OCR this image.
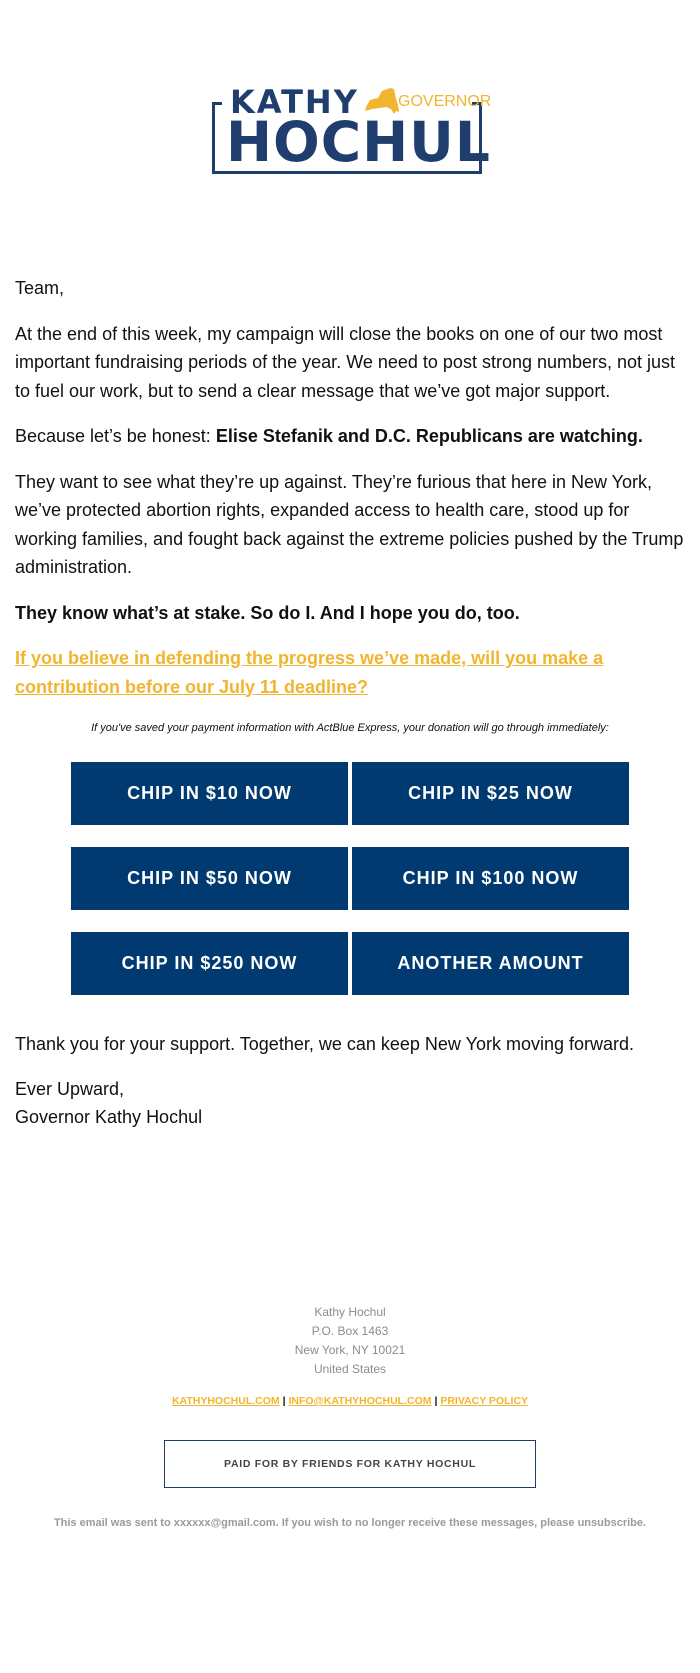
KATHY GOVERNOR
HOCHUL

Team,

At the end of this week, my campaign will close the books on one of our two most important fundraising periods of the year. We need to post strong numbers, not just to fuel our work, but to send a clear message that we’ve got major support.

Because let’s be honest: Elise Stefanik and D.C. Republicans are watching.

They want to see what they’re up against. They’re furious that here in New York, we’ve protected abortion rights, expanded access to health care, stood up for working families, and fought back against the extreme policies pushed by the Trump administration.

They know what’s at stake. So do I. And I hope you do, too.

If you believe in defending the progress we’ve made, will you make a contribution before our July 11 deadline?
If you've saved your payment information with ActBlue Express, your donation will go through immediately:
CHIP IN $10 NOW	CHIP IN $25 NOW
CHIP IN $50 NOW	CHIP IN $100 NOW
CHIP IN $250 NOW	ANOTHER AMOUNT

Thank you for your support. Together, we can keep New York moving forward.

Ever Upward,
Governor Kathy Hochul
Kathy Hochul
P.O. Box 1463
New York, NY 10021
United States
KATHYHOCHUL.COM | INFO@KATHYHOCHUL.COM | PRIVACY POLICY
PAID FOR BY FRIENDS FOR KATHY HOCHUL
This email was sent to xxxxxx@gmail.com. If you wish to no longer receive these messages, please unsubscribe.
